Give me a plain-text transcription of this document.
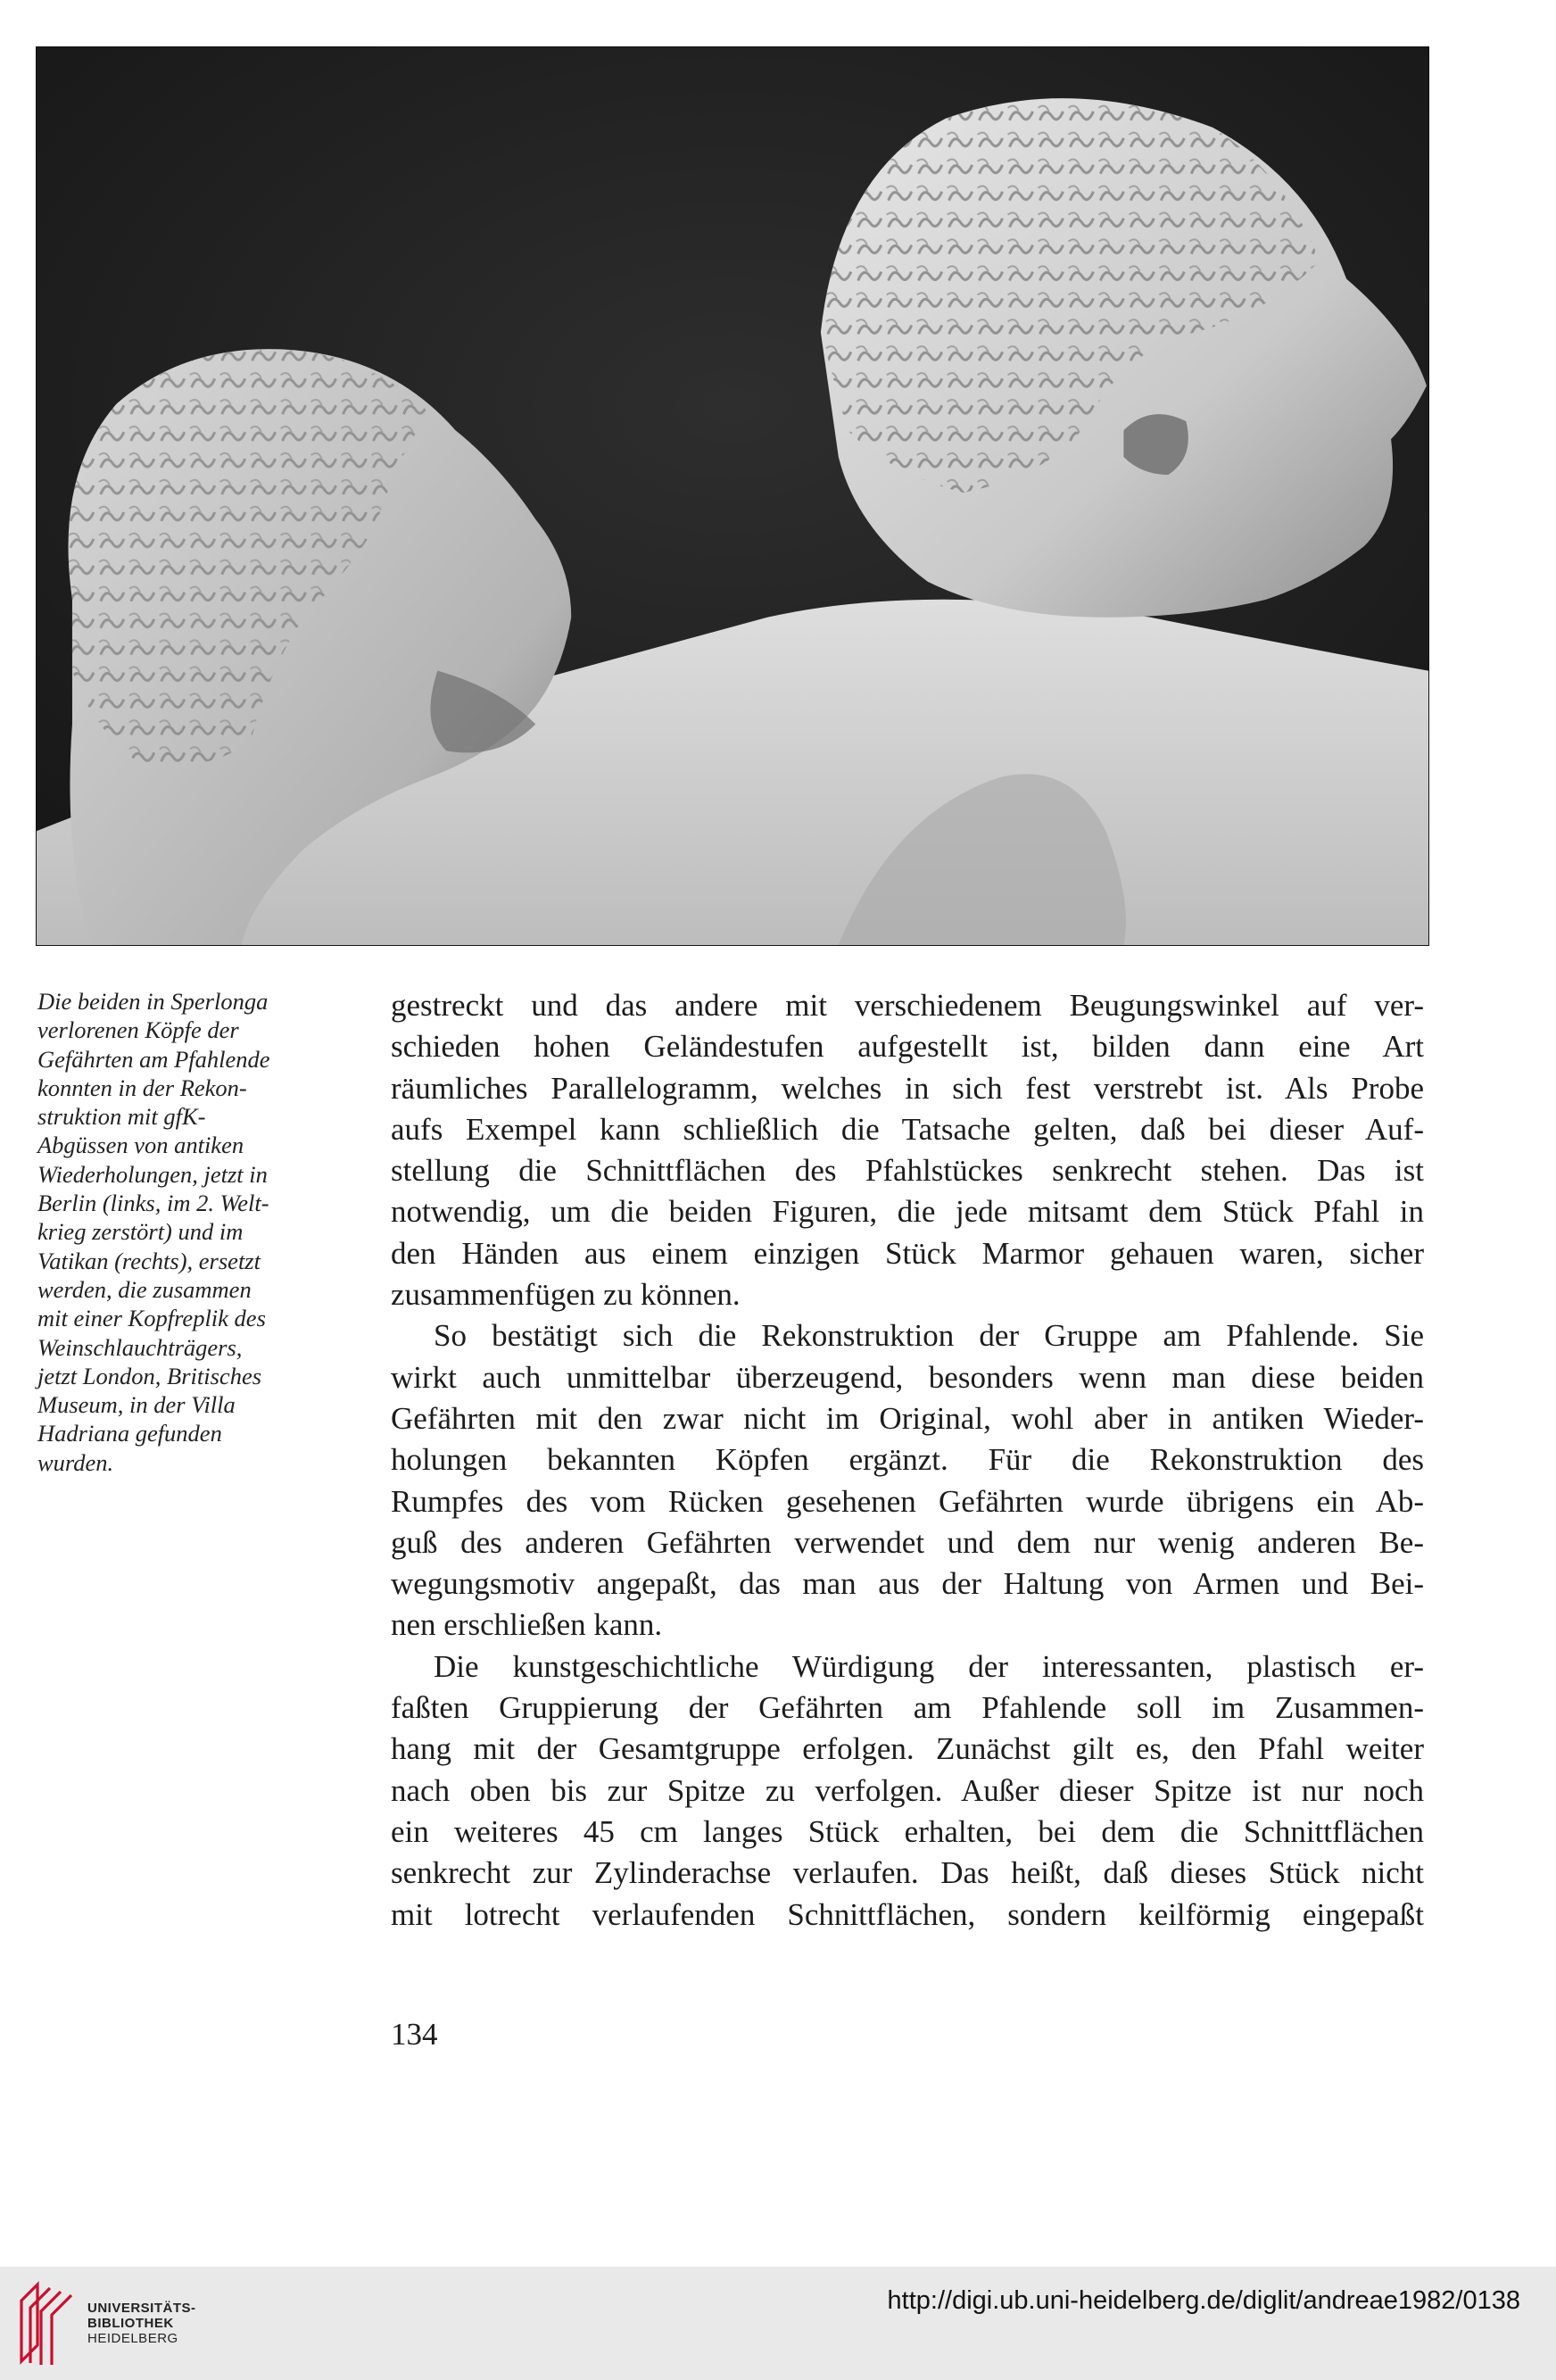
Die beiden in Sperlonga
verlorenen Köpfe der
Gefährten am Pfahlende
konnten in der Rekon-
struktion mit gfK-
Abgüssen von antiken
Wiederholungen, jetzt in
Berlin (links, im 2. Welt-
krieg zerstört) und im
Vatikan (rechts), ersetzt
werden, die zusammen
mit einer Kopfreplik des
Weinschlauchträgers,
jetzt London, Britisches
Museum, in der Villa
Hadriana gefunden
wurden.
gestreckt und das andere mit verschiedenem Beugungswinkel auf ver-
schieden hohen Geländestufen aufgestellt ist, bilden dann eine Art
räumliches Parallelogramm, welches in sich fest verstrebt ist. Als Probe
aufs Exempel kann schließlich die Tatsache gelten, daß bei dieser Auf-
stellung die Schnittflächen des Pfahlstückes senkrecht stehen. Das ist
notwendig, um die beiden Figuren, die jede mitsamt dem Stück Pfahl in
den Händen aus einem einzigen Stück Marmor gehauen waren, sicher
zusammenfügen zu können.
So bestätigt sich die Rekonstruktion der Gruppe am Pfahlende. Sie
wirkt auch unmittelbar überzeugend, besonders wenn man diese beiden
Gefährten mit den zwar nicht im Original, wohl aber in antiken Wieder-
holungen bekannten Köpfen ergänzt. Für die Rekonstruktion des
Rumpfes des vom Rücken gesehenen Gefährten wurde übrigens ein Ab-
guß des anderen Gefährten verwendet und dem nur wenig anderen Be-
wegungsmotiv angepaßt, das man aus der Haltung von Armen und Bei-
nen erschließen kann.
Die kunstgeschichtliche Würdigung der interessanten, plastisch er-
faßten Gruppierung der Gefährten am Pfahlende soll im Zusammen-
hang mit der Gesamtgruppe erfolgen. Zunächst gilt es, den Pfahl weiter
nach oben bis zur Spitze zu verfolgen. Außer dieser Spitze ist nur noch
ein weiteres 45 cm langes Stück erhalten, bei dem die Schnittflächen
senkrecht zur Zylinderachse verlaufen. Das heißt, daß dieses Stück nicht
mit lotrecht verlaufenden Schnittflächen, sondern keilförmig eingepaßt
134
UNIVERSITÄTS-
BIBLIOTHEK
HEIDELBERG
http://digi.ub.uni-heidelberg.de/diglit/andreae1982/0138
